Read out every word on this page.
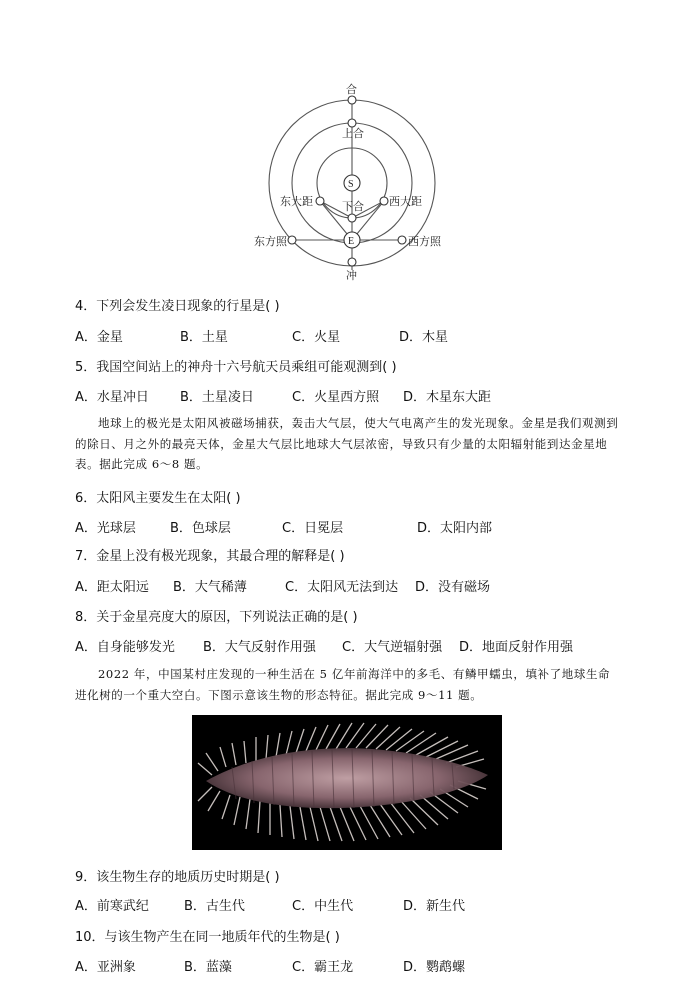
合
上合
S
下合
东大距	西大距
E
东方照	西方照
冲
4．下列会发生凌日现象的行星是( )
A．金星	B．土星	C．火星	D．木星
5．我国空间站上的神舟十六号航天员乘组可能观测到( )
A．水星冲日 B．土星凌日	C．火星西方照 D．木星东大距
地球上的极光是太阳风被磁场捕获，轰击大气层，使大气电离产生的发光现象。金星是我们观测到的除日、月之外的最亮天体，金星大气层比地球大气层浓密，导致只有少量的太阳辐射能到达金星地表。据此完成 6～8 题。
6．太阳风主要发生在太阳( )
A．光球层	B．色球层	C．日冕层	D．太阳内部
7．金星上没有极光现象，其最合理的解释是( )
A．距太阳远 B．大气稀薄	C．太阳风无法到达 D．没有磁场
8．关于金星亮度大的原因，下列说法正确的是( )
A．自身能够发光 B．大气反射作用强 C．大气逆辐射强 D．地面反射作用强
2022 年，中国某村庄发现的一种生活在 5 亿年前海洋中的多毛、有鳞甲蠕虫，填补了地球生命进化树的一个重大空白。下图示意该生物的形态特征。据此完成 9～11 题。
9．该生物生存的地质历史时期是( )
A．前寒武纪	B．古生代	C．中生代	D．新生代
10．与该生物产生在同一地质年代的生物是( )
A．亚洲象	B．蓝藻	C．霸王龙	D．鹦鹉螺
